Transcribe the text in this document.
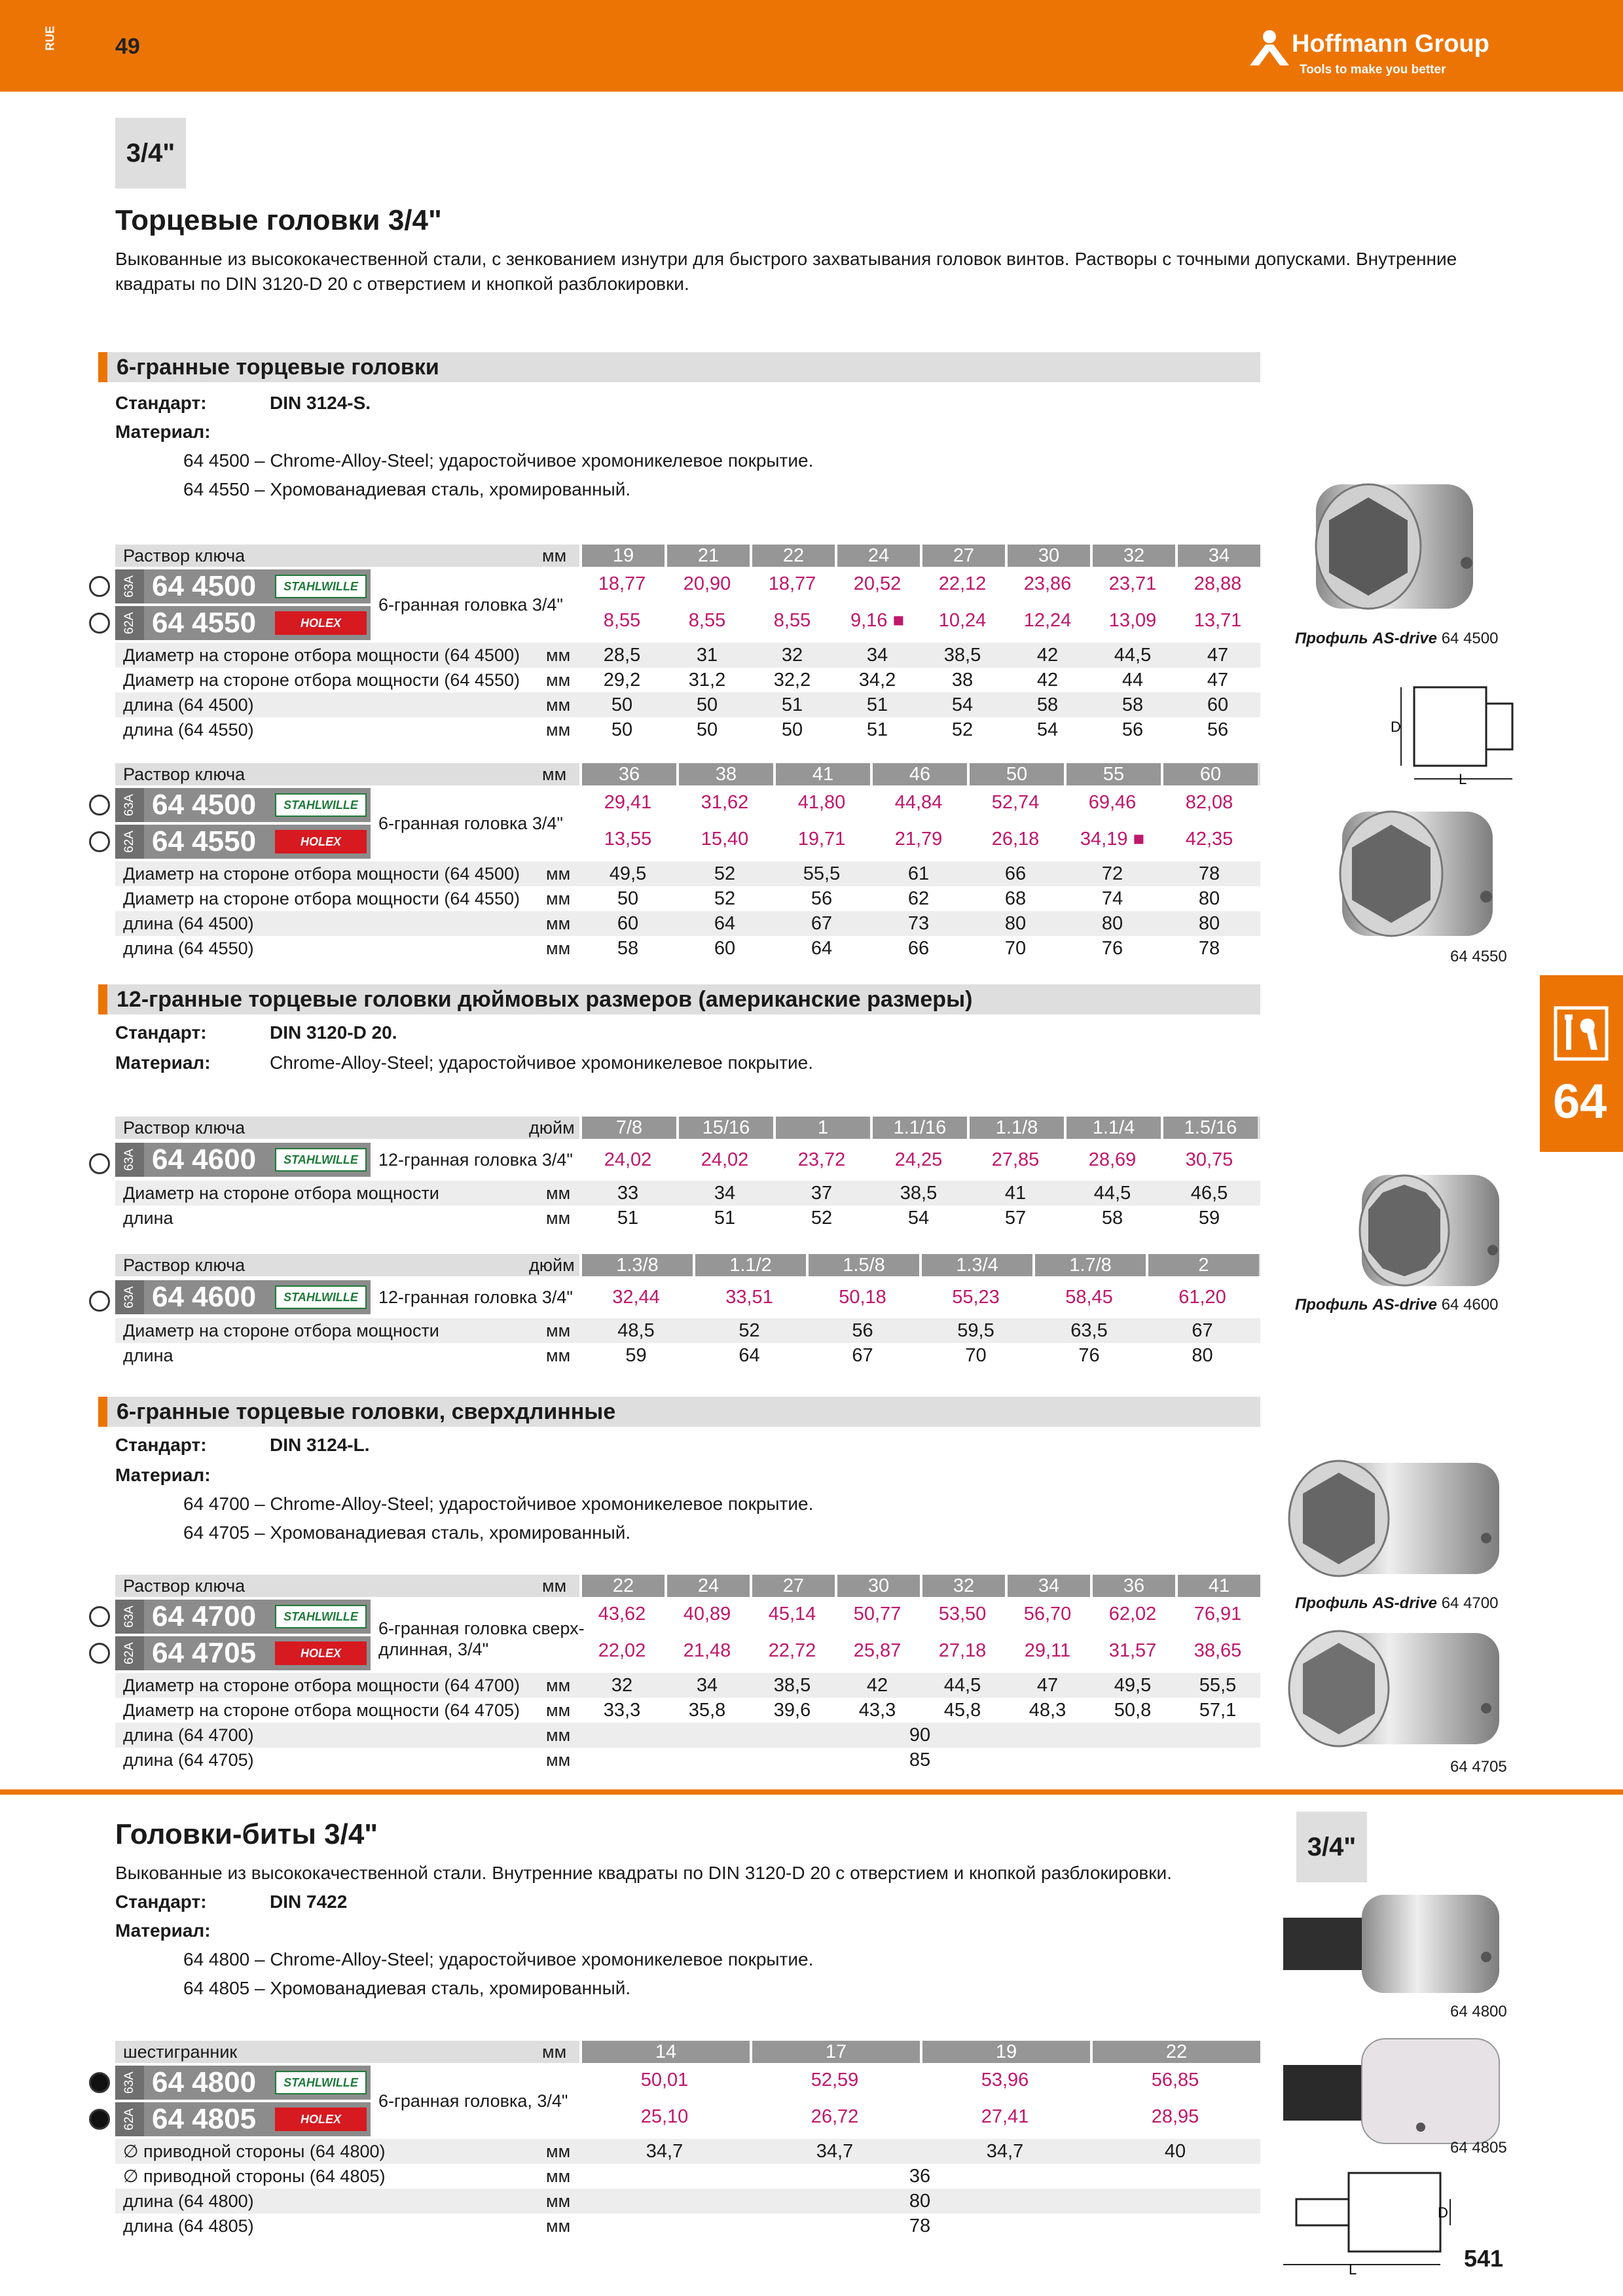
RUE	49	Hoffmann Group
Tools to make you better
3/4"
Торцевые головки 3/4"
Выкованные из высококачественной стали, с зенкованием изнутри для быстрого захватывания головок винтов. Растворы с точными допусками. Внутренние
квадраты по DIN 3120-D 20 с отверстием и кнопкой разблокировки.
6-гранные торцевые головки
Стандарт:	DIN 3124-S.
Материал:
64 4500 – Chrome-Alloy-Steel; ударостойчивое хромоникелевое покрытие.
64 4550 – Хромованадиевая сталь, хромированный.
Раствор ключа	мм	19	21	22	24	27	30	32	34
63A 64 4500	STAHLWILLE
62A 64 4550	HOLEX
6-гранная головка 3/4"
18,77	20,90	18,77	20,52	22,12	23,86	23,71	28,88
8,55	8,55	8,55	9,16 ■	10,24	12,24	13,09	13,71
Диаметр на стороне отбора мощности (64 4500) мм	28,5	31	32	34	38,5	42	44,5	47
Диаметр на стороне отбора мощности (64 4550) мм	29,2	31,2	32,2	34,2	38	42	44	47
длина (64 4500)	мм	50	50	51	51	54	58	58	60
длина (64 4550)	мм	50	50	50	51	52	54	56	56
Раствор ключа	мм	36	38	41	46	50	55	60
63A 64 4500	STAHLWILLE
62A 64 4550	HOLEX
6-гранная головка 3/4"
29,41	31,62	41,80	44,84	52,74	69,46	82,08
13,55	15,40	19,71	21,79	26,18	34,19 ■	42,35
Диаметр на стороне отбора мощности (64 4500) мм	49,5	52	55,5	61	66	72	78
Диаметр на стороне отбора мощности (64 4550) мм	50	52	56	62	68	74	80
длина (64 4500)	мм	60	64	67	73	80	80	80
длина (64 4550)	мм	58	60	64	66	70	76	78
12-гранные торцевые головки дюймовых размеров (американские размеры)
Стандарт:	DIN 3120-D 20.
Материал:	Chrome-Alloy-Steel; ударостойчивое хромоникелевое покрытие.
Раствор ключа	дюйм	7/8	15/16	1	1.1/16	1.1/8	1.1/4	1.5/16
63A 64 4600	STAHLWILLE	12-гранная головка 3/4"	24,02	24,02	23,72	24,25	27,85	28,69	30,75
Диаметр на стороне отбора мощности	мм	33	34	37	38,5	41	44,5	46,5
длина	мм	51	51	52	54	57	58	59
Раствор ключа	дюйм	1.3/8	1.1/2	1.5/8	1.3/4	1.7/8	2
63A 64 4600	STAHLWILLE	12-гранная головка 3/4"	32,44	33,51	50,18	55,23	58,45	61,20
Диаметр на стороне отбора мощности	мм	48,5	52	56	59,5	63,5	67
длина	мм	59	64	67	70	76	80
6-гранные торцевые головки, сверхдлинные
Стандарт:	DIN 3124-L.
Материал:
64 4700 – Chrome-Alloy-Steel; ударостойчивое хромоникелевое покрытие.
64 4705 – Хромованадиевая сталь, хромированный.
Раствор ключа	мм	22	24	27	30	32	34	36	41
63A 64 4700	STAHLWILLE
62A 64 4705	HOLEX
6-гранная головка сверх-
длинная, 3/4"
43,62	40,89	45,14	50,77	53,50	56,70	62,02	76,91
22,02	21,48	22,72	25,87	27,18	29,11	31,57	38,65
Диаметр на стороне отбора мощности (64 4700) мм	32	34	38,5	42	44,5	47	49,5	55,5
Диаметр на стороне отбора мощности (64 4705) мм	33,3	35,8	39,6	43,3	45,8	48,3	50,8	57,1
длина (64 4700)	мм	90
длина (64 4705)	мм	85
Головки-биты 3/4"	3/4"
Выкованные из высококачественной стали. Внутренние квадраты по DIN 3120-D 20 с отверстием и кнопкой разблокировки.
Стандарт:	DIN 7422
Материал:
64 4800 – Chrome-Alloy-Steel; ударостойчивое хромоникелевое покрытие.
64 4805 – Хромованадиевая сталь, хромированный.
шестигранник	мм	14	17	19	22
63A 64 4800	STAHLWILLE
62A 64 4805	HOLEX
6-гранная головка, 3/4"
50,01	52,59	53,96	56,85
25,10	26,72	27,41	28,95
∅ приводной стороны (64 4800)	мм	34,7	34,7	34,7	40
∅ приводной стороны (64 4805)	мм	36
длина (64 4800)	мм	80
длина (64 4805)	мм	78
64
Профиль AS-drive 64 4500
D
L
64 4550
Профиль AS-drive 64 4600
Профиль AS-drive 64 4700
64 4705
64 4800
64 4805
D
L	541
